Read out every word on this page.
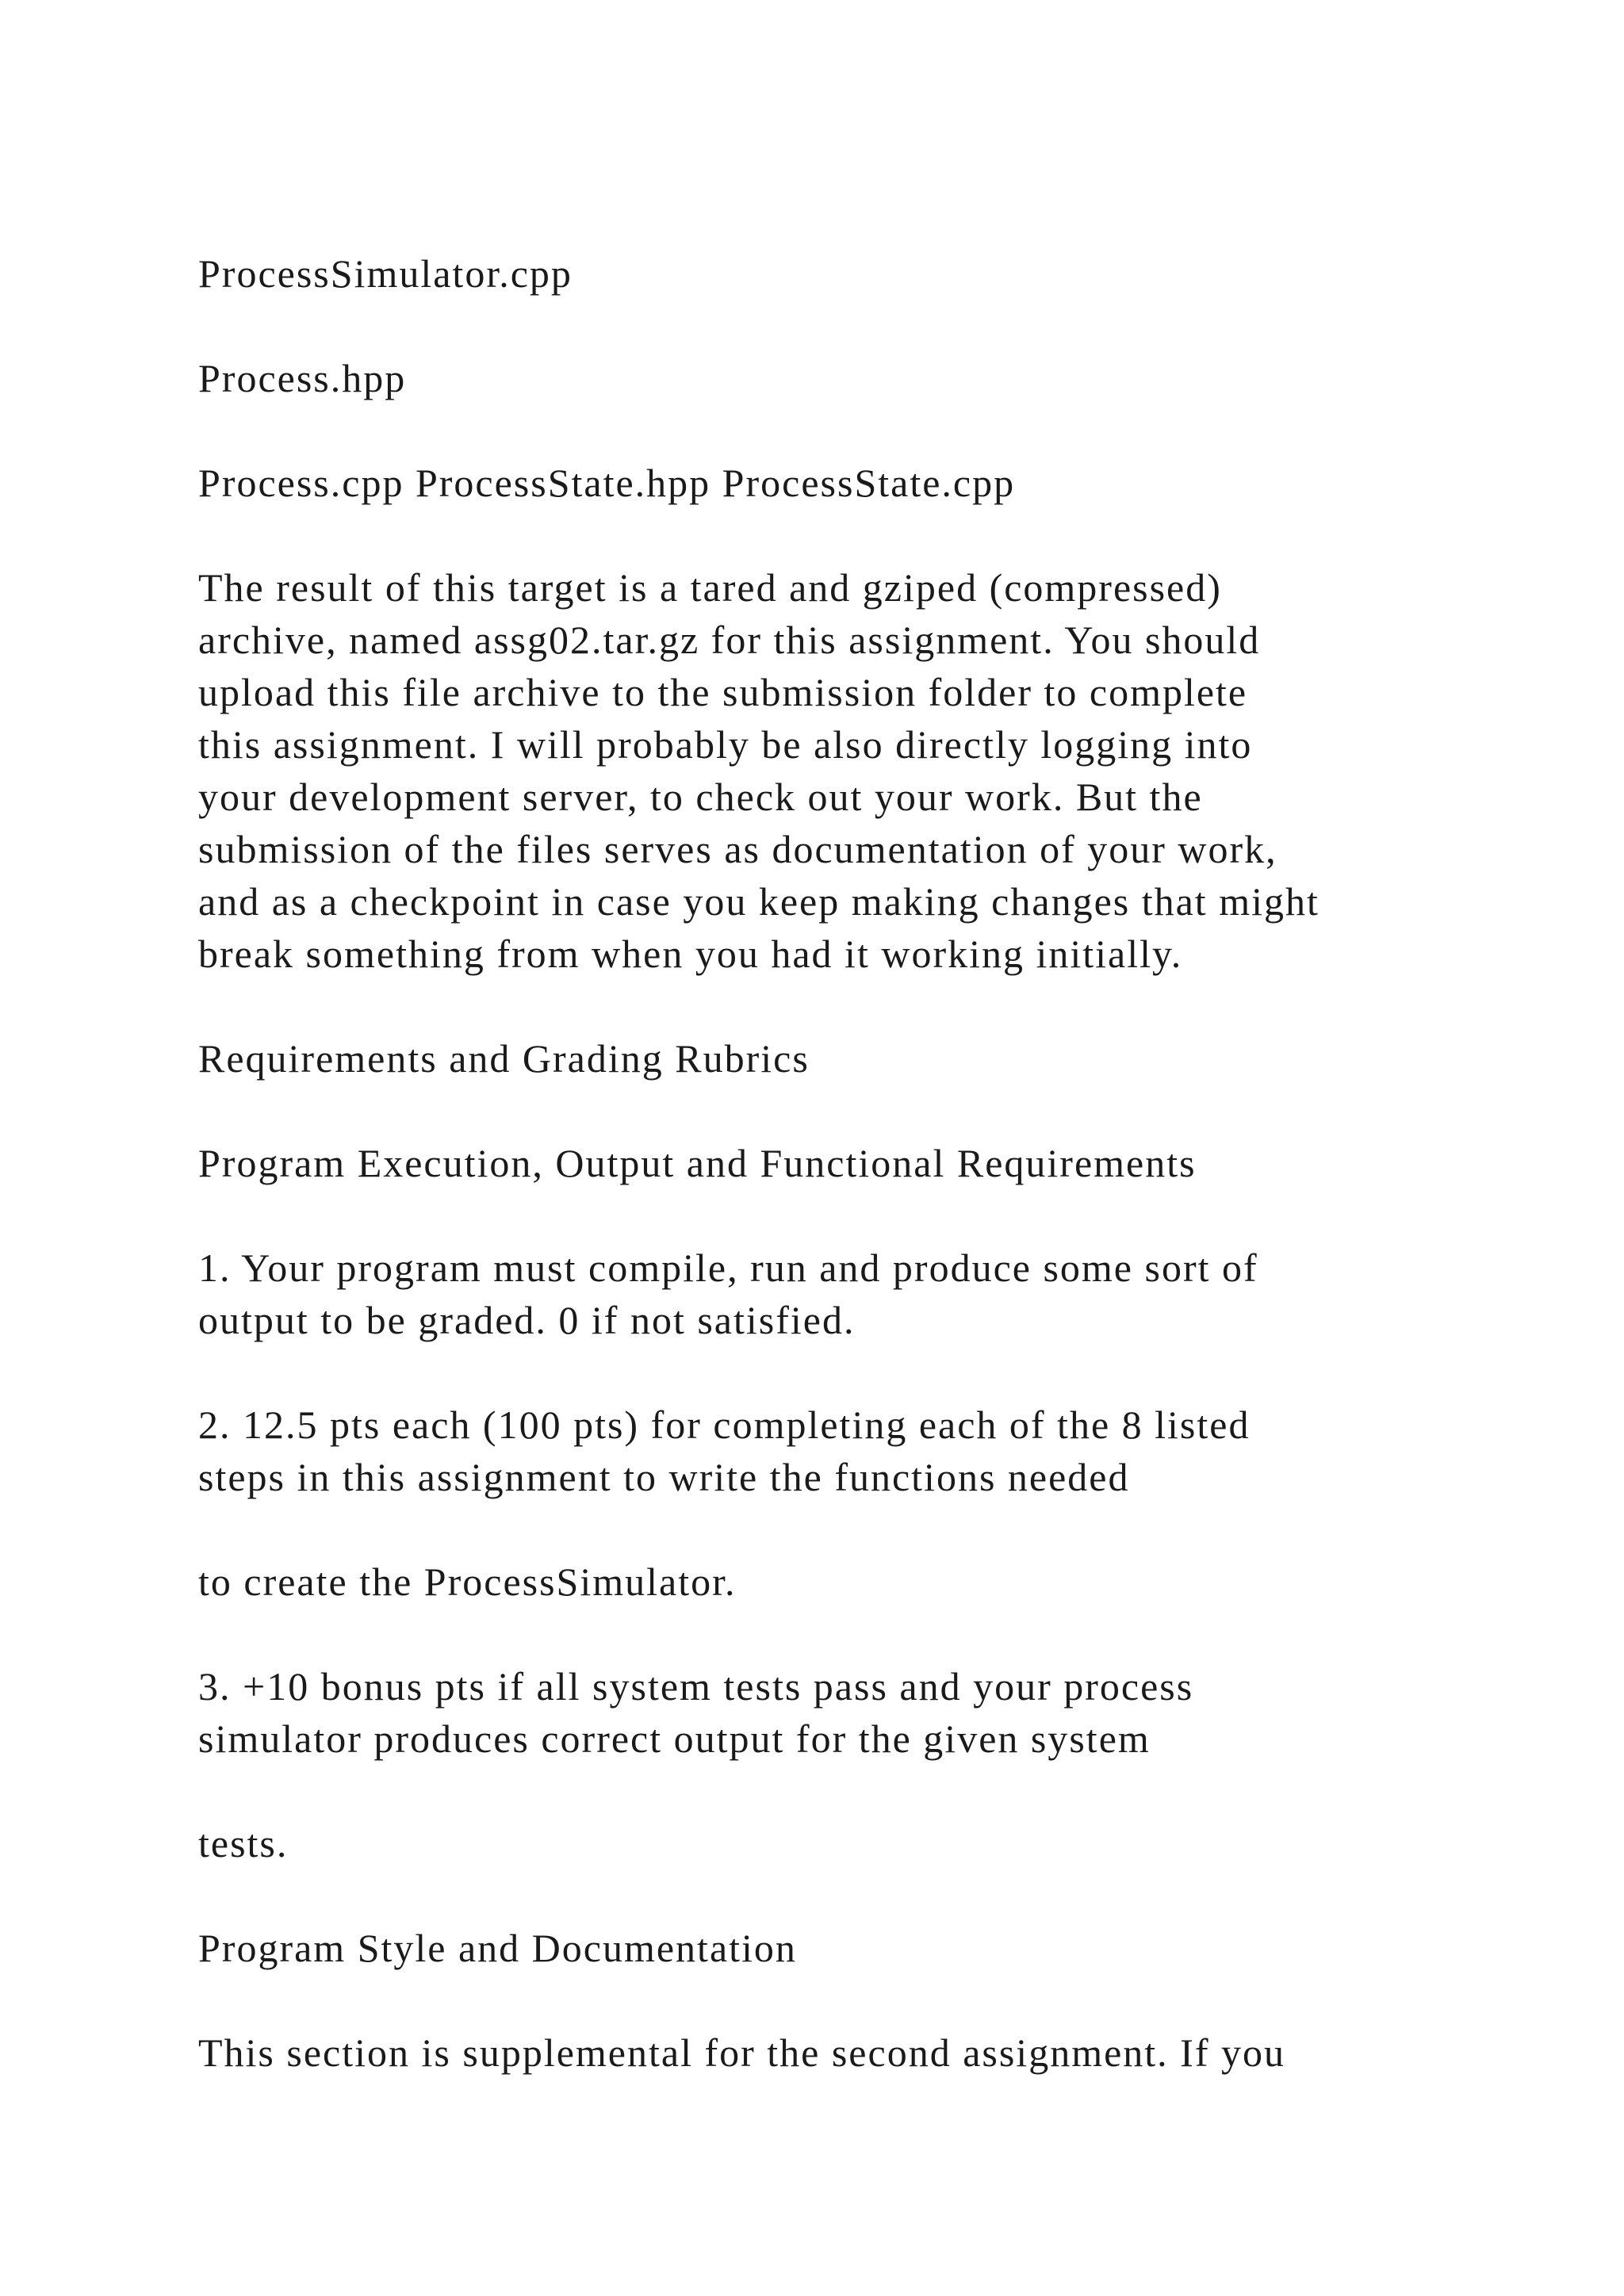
ProcessSimulator.cpp

Process.hpp

Process.cpp ProcessState.hpp ProcessState.cpp

The result of this target is a tared and gziped (compressed)
archive, named assg02.tar.gz for this assignment. You should
upload this file archive to the submission folder to complete
this assignment. I will probably be also directly logging into
your development server, to check out your work. But the
submission of the files serves as documentation of your work,
and as a checkpoint in case you keep making changes that might
break something from when you had it working initially.

Requirements and Grading Rubrics

Program Execution, Output and Functional Requirements

1. Your program must compile, run and produce some sort of
output to be graded. 0 if not satisfied.

2. 12.5 pts each (100 pts) for completing each of the 8 listed
steps in this assignment to write the functions needed

to create the ProcessSimulator.

3. +10 bonus pts if all system tests pass and your process
simulator produces correct output for the given system

tests.

Program Style and Documentation

This section is supplemental for the second assignment. If you
